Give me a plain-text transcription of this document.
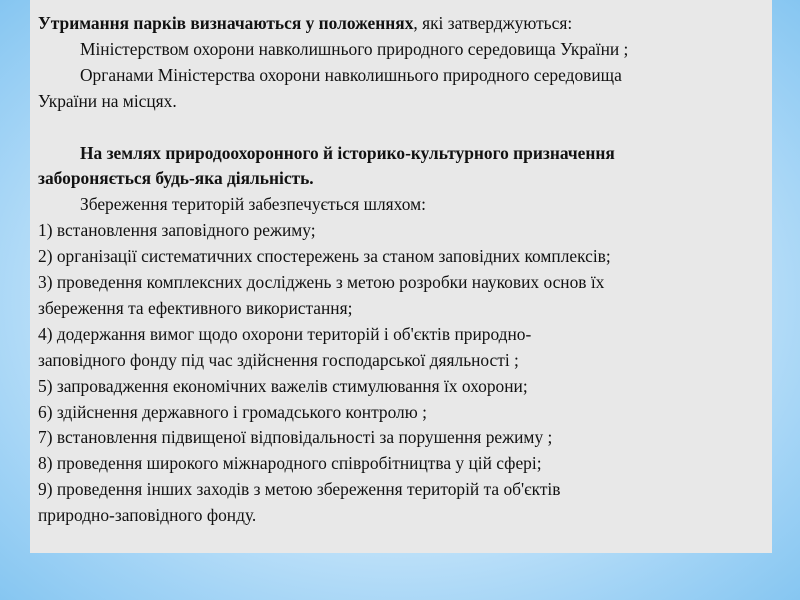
Утримання парків визначаються у положеннях, які затверджуються:
Міністерством охорони навколишнього природного середовища України ;
Органами Міністерства охорони навколишнього природного середовища
України на місцях.
На землях природоохоронного й історико-культурного призначення
забороняється будь-яка діяльність.
Збереження територій забезпечується шляхом:
1) встановлення заповідного режиму;
2) організації систематичних спостережень за станом заповідних комплексів;
3) проведення комплексних досліджень з метою розробки наукових основ їх
збереження та ефективного використання;
4) додержання вимог щодо охорони територій і об'єктів природно-
заповідного фонду під час здійснення господарської дяяльності ;
5) запровадження економічних важелів стимулювання їх охорони;
6) здійснення державного і громадського контролю ;
7) встановлення підвищеної відповідальності за порушення режиму ;
8) проведення широкого міжнародного співробітництва у цій сфері;
9) проведення інших заходів з метою збереження територій та об'єктів
природно-заповідного фонду.
